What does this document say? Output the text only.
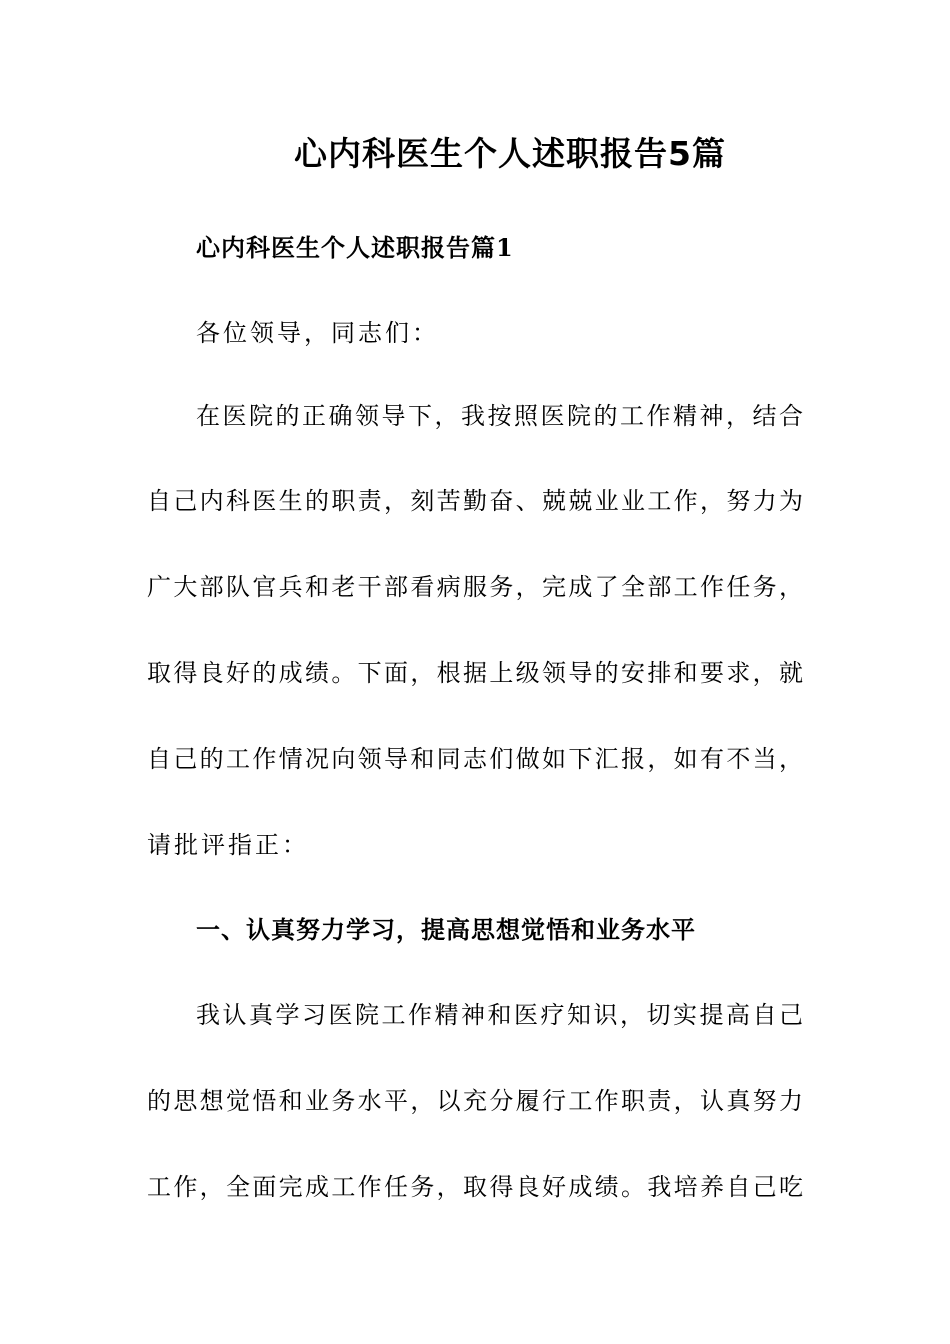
心内科医生个人述职报告5篇

心内科医生个人述职报告篇1

各位领导，同志们：

在医院的正确领导下，我按照医院的工作精神，结合

自己内科医生的职责，刻苦勤奋、兢兢业业工作，努力为

广大部队官兵和老干部看病服务，完成了全部工作任务，

取得良好的成绩。下面，根据上级领导的安排和要求，就

自己的工作情况向领导和同志们做如下汇报，如有不当，

请批评指正：

一、认真努力学习，提高思想觉悟和业务水平

我认真学习医院工作精神和医疗知识，切实提高自己

的思想觉悟和业务水平，以充分履行工作职责，认真努力

工作，全面完成工作任务，取得良好成绩。我培养自己吃
